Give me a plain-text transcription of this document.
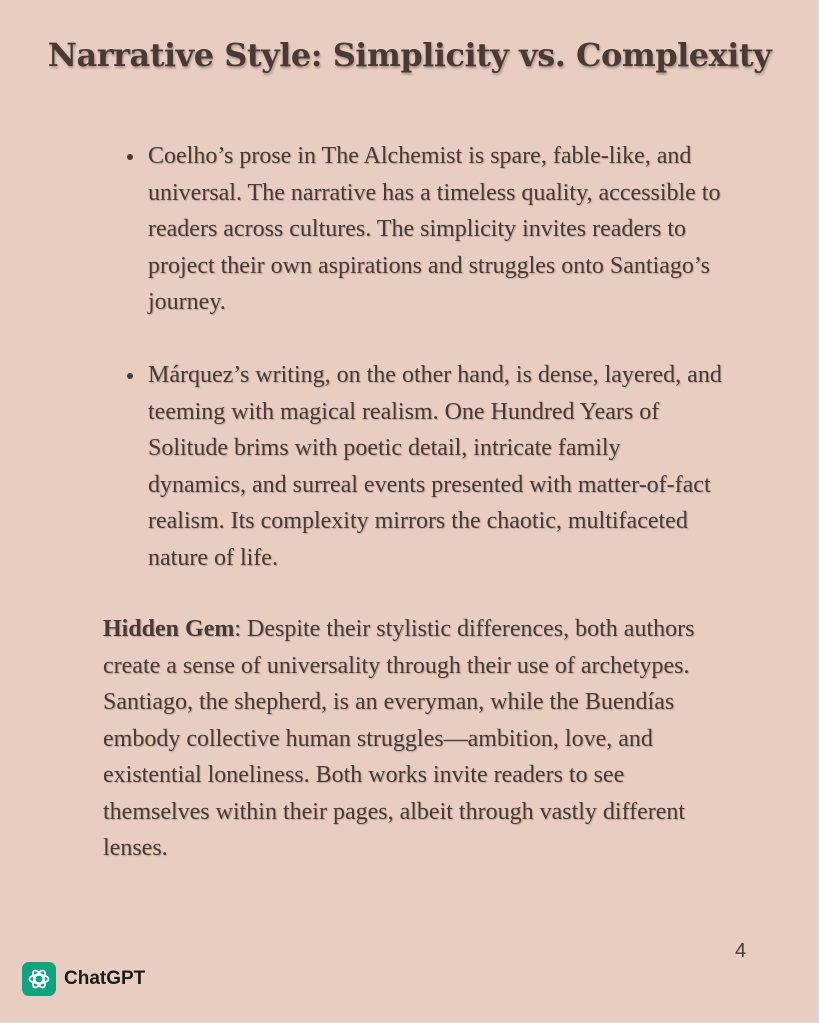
Narrative Style: Simplicity vs. Complexity
Coelho’s prose in The Alchemist is spare, fable-like, and universal. The narrative has a timeless quality, accessible to readers across cultures. The simplicity invites readers to project their own aspirations and struggles onto Santiago’s journey.
Márquez’s writing, on the other hand, is dense, layered, and teeming with magical realism. One Hundred Years of Solitude brims with poetic detail, intricate family dynamics, and surreal events presented with matter-of-fact realism. Its complexity mirrors the chaotic, multifaceted nature of life.

Hidden Gem: Despite their stylistic differences, both authors create a sense of universality through their use of archetypes. Santiago, the shepherd, is an everyman, while the Buendías embody collective human struggles—ambition, love, and existential loneliness. Both works invite readers to see themselves within their pages, albeit through vastly different lenses.

4
ChatGPT
